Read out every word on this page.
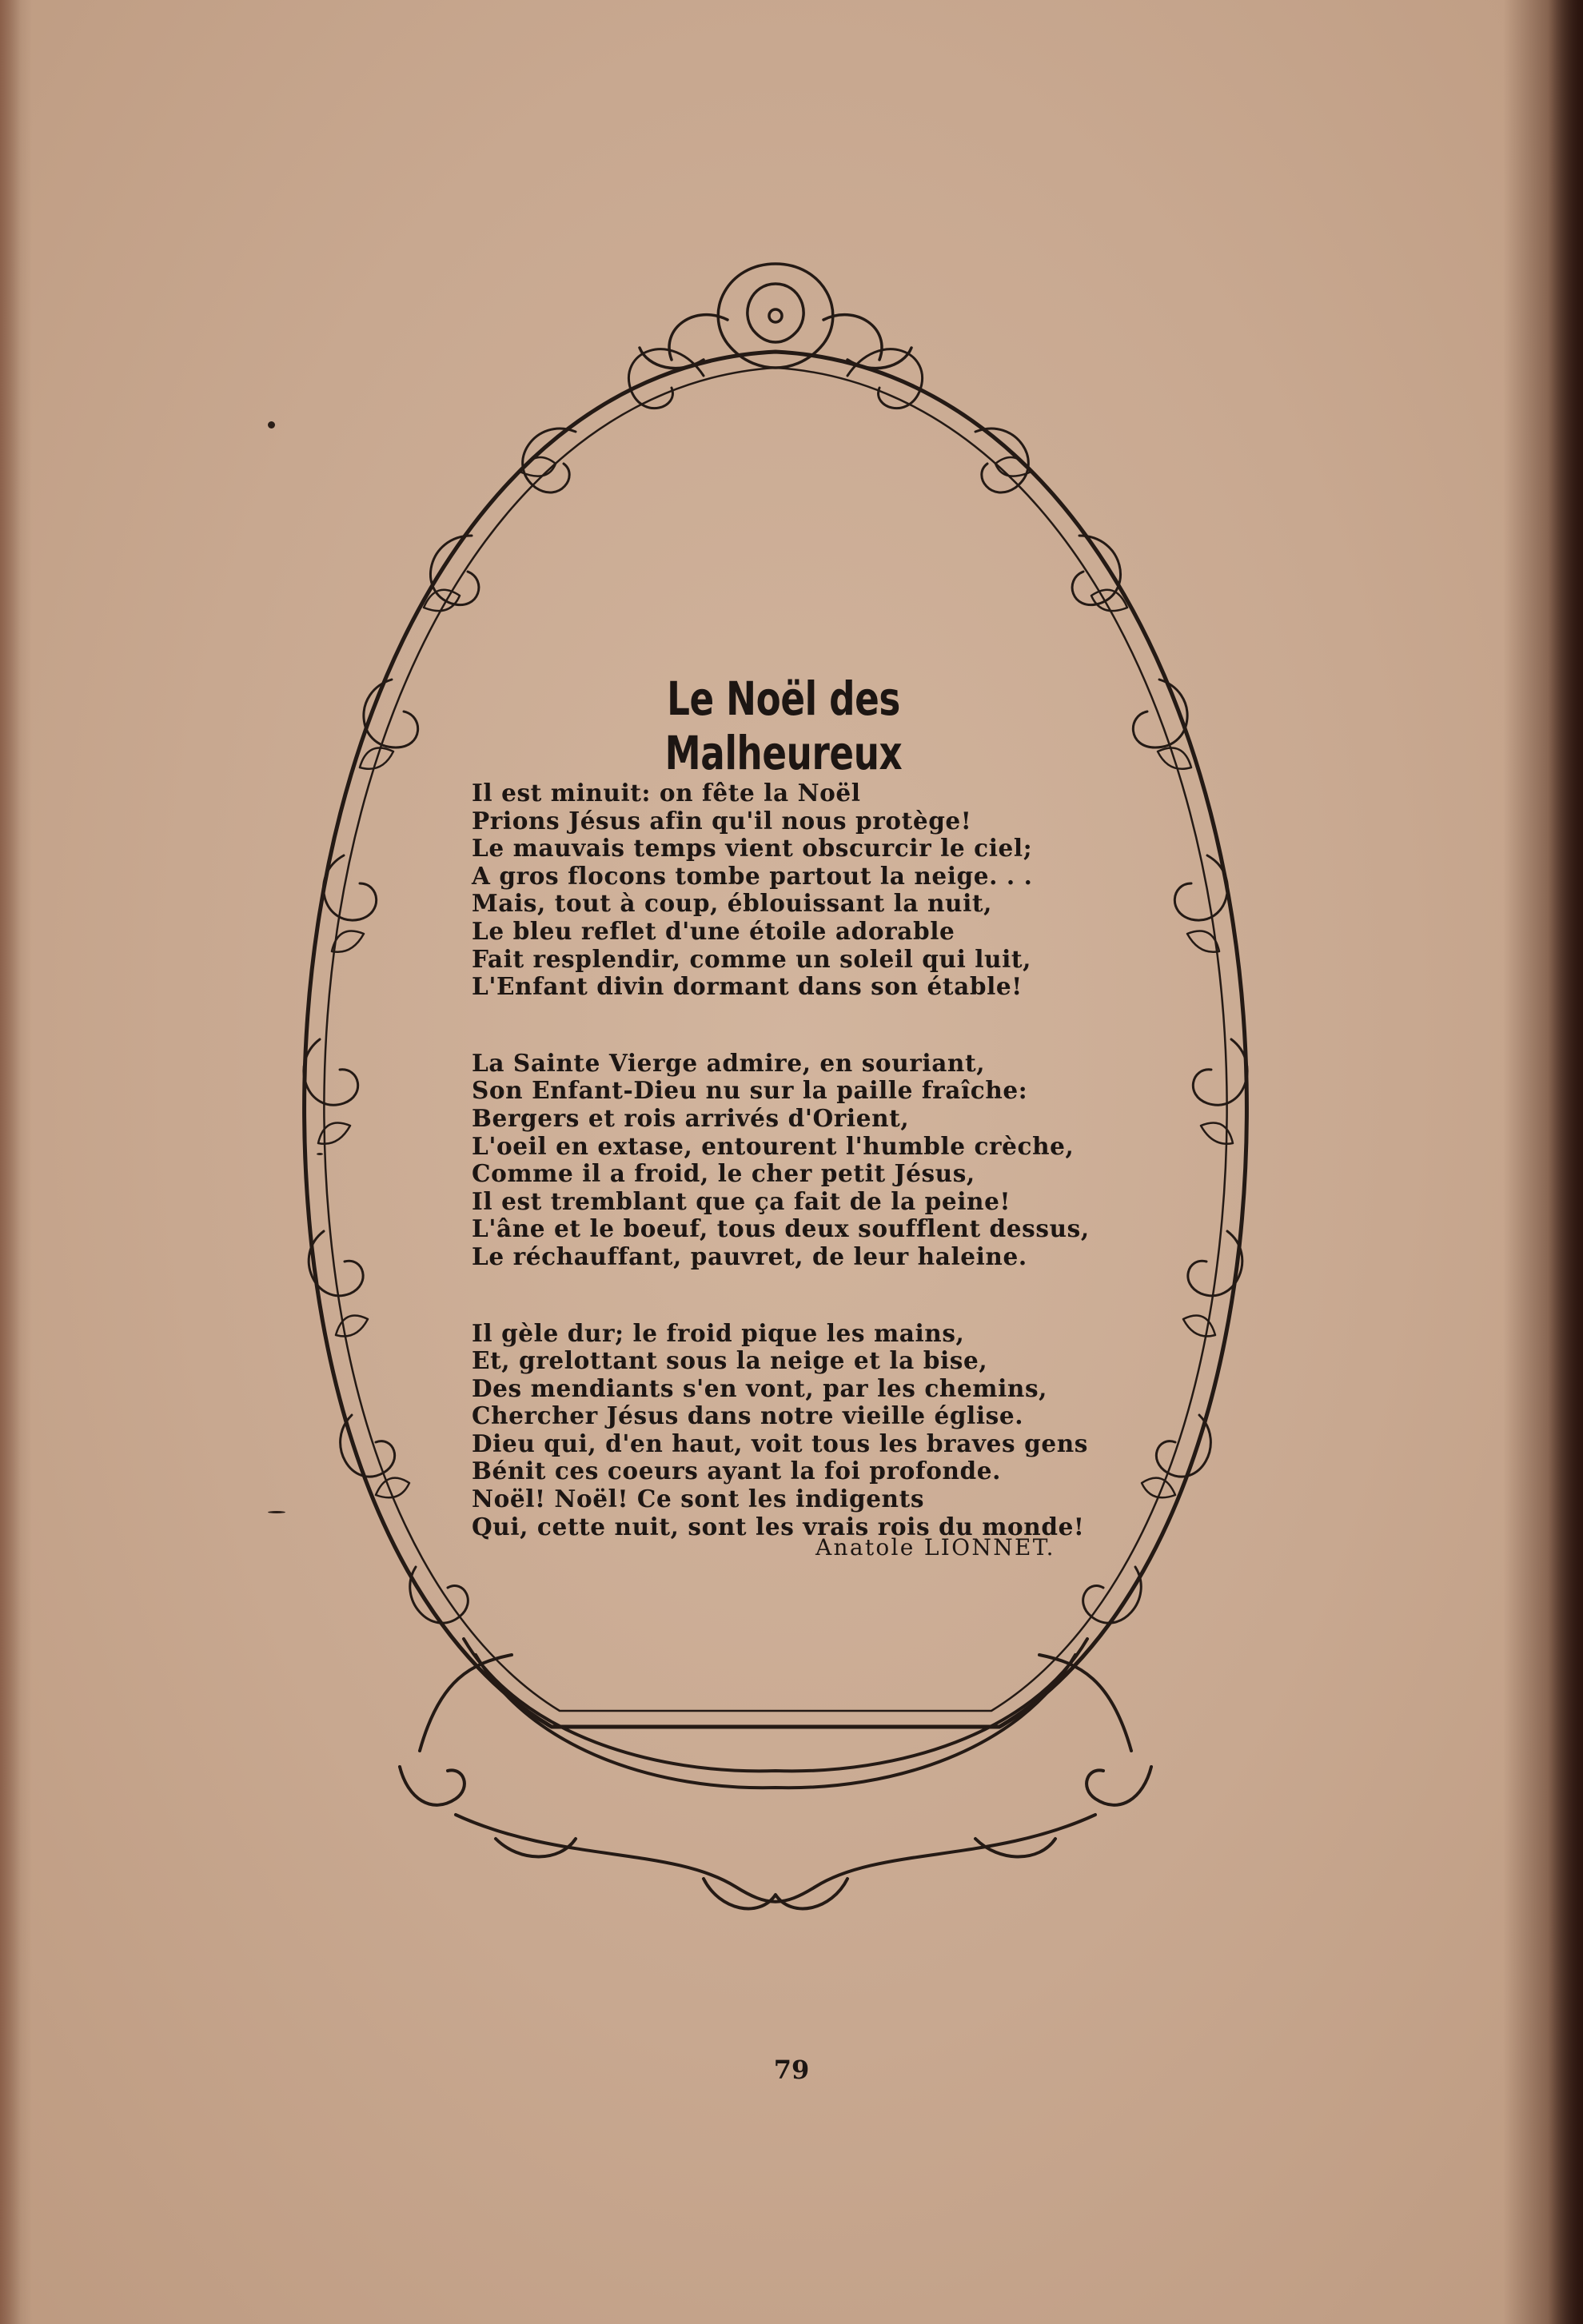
Le Noël des Malheureux
Il est minuit: on fête la Noël
Prions Jésus afin qu'il nous protège!
Le mauvais temps vient obscurcir le ciel;
A gros flocons tombe partout la neige. . .
Mais, tout à coup, éblouissant la nuit,
Le bleu reflet d'une étoile adorable
Fait resplendir, comme un soleil qui luit,
L'Enfant divin dormant dans son étable!
La Sainte Vierge admire, en souriant,
Son Enfant-Dieu nu sur la paille fraîche:
Bergers et rois arrivés d'Orient,
L'oeil en extase, entourent l'humble crèche,
Comme il a froid, le cher petit Jésus,
Il est tremblant que ça fait de la peine!
L'âne et le boeuf, tous deux soufflent dessus,
Le réchauffant, pauvret, de leur haleine.
Il gèle dur; le froid pique les mains,
Et, grelottant sous la neige et la bise,
Des mendiants s'en vont, par les chemins,
Chercher Jésus dans notre vieille église.
Dieu qui, d'en haut, voit tous les braves gens
Bénit ces coeurs ayant la foi profonde.
Noël! Noël! Ce sont les indigents
Qui, cette nuit, sont les vrais rois du monde!
Anatole LIONNET.
79
